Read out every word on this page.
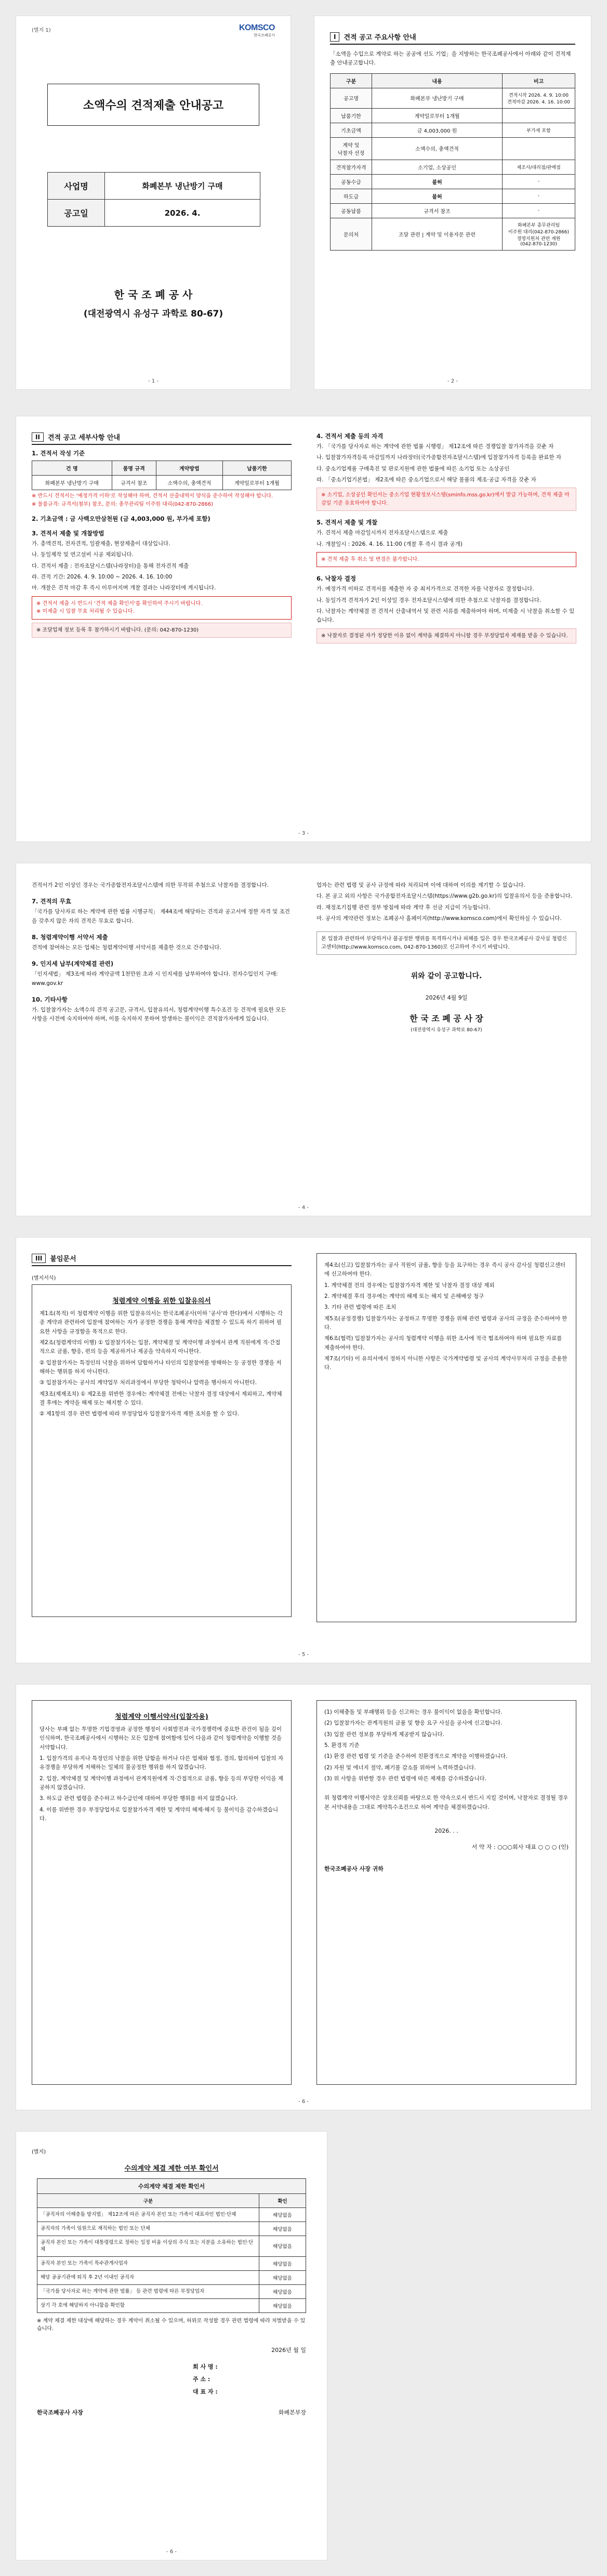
(별지 1)	KOMSCO
한국조폐공사
소액수의 견적제출 안내공고
사업명	화폐본부 냉난방기 구매
공고일	2026. 4.
한 국 조 폐 공 사
(대전광역시 유성구 과학로 80-67)
- 1 -
I	견적 공고 주요사항 안내
「소액을 수입으로 계약로 하는 공공에 선도 기업」을 지방하는 한국조폐공사에서 아래와 같이 견적제출 안내공고합니다.
구분	내용	비고
공고명	화폐본부 냉난방기 구매	견적시작 2026. 4. 9. 10:00
견적마감 2026. 4. 16. 10:00
납품기한	계약일로부터 1개월	
기초금액	금 4,003,000 원	부가세 포함
계약 및
낙찰자 선정	소액수의, 총액견적	
견적참가자격	소기업, 소상공인	제조사/대리점/판매점
공동수급	불허	-
하도급	불허	-
공동납품	규격서 참조	-
문의처	조달 관련 | 계약 및 이용자문 관련	화폐본부 총무관리팀
이주원 대리(042-870-2866)
경영지원처 관련 계원
(042-870-1230)
- 2 -
II	견적 공고 세부사항 안내
1. 견적서 작성 기준
건 명	품명 규격	계약방법	납품기한
화폐본부 냉난방기 구매	규격서 참조	소액수의, 총액견적	계약일로부터 1개월
※ 반드시 견적서는 '예정가격 이하'로 작성해야 하며, 견적서 산출내역서 양식을 준수하여 작성해야 합니다.
※ 물품규격: 규격서(첨부) 참조, 문의: 총무관리팀 이주원 대리(042-870-2866)
2. 기초금액 : 금 사백오만삼천원 (금 4,003,000 원, 부가세 포함)
3. 견적서 제출 및 개찰방법
가. 총액견적, 전자견적, 일괄제출, 현장제출이 대상입니다.
나. 동일제작 및 연고설비 시공 제외됩니다.
다. 견적서 제출 : 전자조달시스템(나라장터)을 통해 전자견적 제출
라. 견적 기간: 2026. 4. 9. 10:00 ~ 2026. 4. 16. 10:00
마. 개찰은 견적 마감 후 즉시 이루어지며 개찰 결과는 나라장터에 게시됩니다.
※ 견적서 제출 시 반드시 '견적 제출 확인서'를 확인하여 주시기 바랍니다.
※ 미제출 시 입찰 무효 처리될 수 있습니다.
※ 조달업체 정보 등록 후 참가하시기 바랍니다. (문의: 042-870-1230)
4. 견적서 제출 등의 자격
가. 「국가를 당사자로 하는 계약에 관한 법률 시행령」 제12조에 따른 경쟁입찰 참가자격을 갖춘 자
나. 입찰참가자격등록 마감일까지 나라장터(국가종합전자조달시스템)에 입찰참가자격 등록을 완료한 자
다. 중소기업제품 구매촉진 및 판로지원에 관한 법률에 따른 소기업 또는 소상공인
라. 「중소기업기본법」 제2조에 따른 중소기업으로서 해당 물품의 제조·공급 자격을 갖춘 자
※ 소기업, 소상공인 확인서는 중소기업 현황정보시스템(sminfo.mss.go.kr)에서 발급 가능하며, 견적 제출 마감일 기준 유효하여야 합니다.
5. 견적서 제출 및 개찰
가. 견적서 제출 마감일시까지 전자조달시스템으로 제출
나. 개찰일시 : 2026. 4. 16. 11:00 (개찰 후 즉시 결과 공개)
※ 견적 제출 후 취소 및 변경은 불가합니다.
6. 낙찰자 결정
가. 예정가격 이하로 견적서를 제출한 자 중 최저가격으로 견적한 자를 낙찰자로 결정합니다.
나. 동일가격 견적자가 2인 이상일 경우 전자조달시스템에 의한 추첨으로 낙찰자를 결정합니다.
다. 낙찰자는 계약체결 전 견적서 산출내역서 및 관련 서류를 제출하여야 하며, 미제출 시 낙찰을 취소할 수 있습니다.
※ 낙찰자로 결정된 자가 정당한 이유 없이 계약을 체결하지 아니할 경우 부정당업자 제재를 받을 수 있습니다.
- 3 -
견적서가 2인 이상인 경우는 국가종합전자조달시스템에 의한 무작위 추첨으로 낙찰자를 결정합니다.
7. 견적의 무효
「국가를 당사자로 하는 계약에 관한 법률 시행규칙」 제44조에 해당하는 견적과 공고서에 정한 자격 및 조건을 갖추지 않은 자의 견적은 무효로 합니다.
8. 청렴계약이행 서약서 제출
견적에 참여하는 모든 업체는 청렴계약이행 서약서를 제출한 것으로 간주합니다.
9. 인지세 납부(계약체결 관련)
「인지세법」 제3조에 따라 계약금액 1천만원 초과 시 인지세를 납부하여야 합니다. 전자수입인지 구매: www.gov.kr
10. 기타사항
가. 입찰참가자는 소액수의 견적 공고문, 규격서, 입찰유의서, 청렴계약이행 특수조건 등 견적에 필요한 모든 사항을 사전에 숙지하여야 하며, 이를 숙지하지 못하여 발생하는 불이익은 견적참가자에게 있습니다.
업자는 관련 법령 및 공사 규정에 따라 처리되며 이에 대하여 이의를 제기할 수 없습니다.
다. 본 공고 외의 사항은 국가종합전자조달시스템(https://www.g2b.go.kr)의 입찰유의서 등을 준용합니다.
라. 재정조기집행 관련 정부 방침에 따라 계약 후 선금 지급이 가능합니다.
마. 공사의 계약관련 정보는 조폐공사 홈페이지(http://www.komsco.com)에서 확인하실 수 있습니다.
본 입찰과 관련하여 부당하거나 불공정한 행위를 목격하시거나 피해를 입은 경우 한국조폐공사 감사실 청렴신고센터(http://www.komsco.com, 042-870-1360)로 신고하여 주시기 바랍니다.
위와 같이 공고합니다.
2026년 4월 9일
한 국 조 폐 공 사 장
(대전광역시 유성구 과학로 80-67)
- 4 -
III	붙임문서
(별지서식)
청렴계약 이행을 위한 입찰유의서
제1조(목적) 이 청렴계약 이행을 위한 입찰유의서는 한국조폐공사(이하 '공사'라 한다)에서 시행하는 각종 계약과 관련하여 입찰에 참여하는 자가 공정한 경쟁을 통해 계약을 체결할 수 있도록 하기 위하여 필요한 사항을 규정함을 목적으로 한다.
제2조(청렴계약의 이행) ① 입찰참가자는 입찰, 계약체결 및 계약이행 과정에서 관계 직원에게 직·간접적으로 금품, 향응, 편의 등을 제공하거나 제공을 약속하지 아니한다.
② 입찰참가자는 특정인의 낙찰을 위하여 담합하거나 타인의 입찰참여를 방해하는 등 공정한 경쟁을 저해하는 행위를 하지 아니한다.
③ 입찰참가자는 공사의 계약업무 처리과정에서 부당한 청탁이나 압력을 행사하지 아니한다.
제3조(제재조치) ① 제2조를 위반한 경우에는 계약체결 전에는 낙찰자 결정 대상에서 제외하고, 계약체결 후에는 계약을 해제 또는 해지할 수 있다.
② 제1항의 경우 관련 법령에 따라 부정당업자 입찰참가자격 제한 조치를 할 수 있다.
제4조(신고) 입찰참가자는 공사 직원이 금품, 향응 등을 요구하는 경우 즉시 공사 감사실 청렴신고센터에 신고하여야 한다.
1. 계약체결 전의 경우에는 입찰참가자격 제한 및 낙찰자 결정 대상 제외
2. 계약체결 후의 경우에는 계약의 해제 또는 해지 및 손해배상 청구
3. 기타 관련 법령에 따른 조치
제5조(공정경쟁) 입찰참가자는 공정하고 투명한 경쟁을 위해 관련 법령과 공사의 규정을 준수하여야 한다.
제6조(협력) 입찰참가자는 공사의 청렴계약 이행을 위한 조사에 적극 협조하여야 하며 필요한 자료를 제출하여야 한다.
제7조(기타) 이 유의서에서 정하지 아니한 사항은 국가계약법령 및 공사의 계약사무처리 규정을 준용한다.
- 5 -
청렴계약 이행서약서(입찰자용)
당사는 부패 없는 투명한 기업경영과 공정한 행정이 사회발전과 국가경쟁력에 중요한 관건이 됨을 깊이 인식하며, 한국조폐공사에서 시행하는 모든 입찰에 참여함에 있어 다음과 같이 청렴계약을 이행할 것을 서약합니다.
1. 입찰가격의 유지나 특정인의 낙찰을 위한 담합을 하거나 다른 업체와 협정, 결의, 합의하여 입찰의 자유경쟁을 부당하게 저해하는 일체의 불공정한 행위를 하지 않겠습니다.
2. 입찰, 계약체결 및 계약이행 과정에서 관계직원에게 직·간접적으로 금품, 향응 등의 부당한 이익을 제공하지 않겠습니다.
3. 하도급 관련 법령을 준수하고 하수급인에 대하여 부당한 행위를 하지 않겠습니다.
4. 이를 위반한 경우 부정당업자로 입찰참가자격 제한 및 계약의 해제·해지 등 불이익을 감수하겠습니다.
(1) 이해충돌 및 부패행위 등을 신고하는 경우 불이익이 없음을 확인합니다.
(2) 입찰참가자는 관계직원의 금품 및 향응 요구 사실을 공사에 신고합니다.
(3) 입찰 관련 정보를 부당하게 제공받지 않습니다.
5. 환경적 기준
(1) 환경 관련 법령 및 기준을 준수하여 친환경적으로 계약을 이행하겠습니다.
(2) 자원 및 에너지 절약, 폐기물 감소를 위하여 노력하겠습니다.
(3) 위 사항을 위반할 경우 관련 법령에 따른 제재를 감수하겠습니다.
위 청렴계약 이행서약은 상호신뢰를 바탕으로 한 약속으로서 반드시 지킬 것이며, 낙찰자로 결정될 경우 본 서약내용을 그대로 계약특수조건으로 하여 계약을 체결하겠습니다.
2026. . .
서 약 자 : ○○○회사 대표 ○ ○ ○ (인)
한국조폐공사 사장 귀하
- 6 -
(별지)
수의계약 체결 제한 여부 확인서
수의계약 체결 제한 확인서
구분	확인
「공직자의 이해충돌 방지법」 제12조에 따른 공직자 본인 또는 가족이 대표자인 법인·단체	해당없음
공직자의 가족이 임원으로 재직하는 법인 또는 단체	해당없음
공직자 본인 또는 가족이 대통령령으로 정하는 일정 비율 이상의 주식 또는 지분을 소유하는 법인·단체	해당없음
공직자 본인 또는 가족이 특수관계사업자	해당없음
해당 공공기관에 퇴직 후 2년 이내인 공직자	해당없음
「국가를 당사자로 하는 계약에 관한 법률」 등 관련 법령에 따른 부정당업자	해당없음
상기 각 호에 해당하지 아니함을 확인함	해당없음
※ 계약 체결 제한 대상에 해당하는 경우 계약이 취소될 수 있으며, 허위로 작성할 경우 관련 법령에 따라 처벌받을 수 있습니다.
2026년 월 일
회 사 명 :
주 소 :
대 표 자 :
한국조폐공사 사장	화폐본부장
- 6 -
